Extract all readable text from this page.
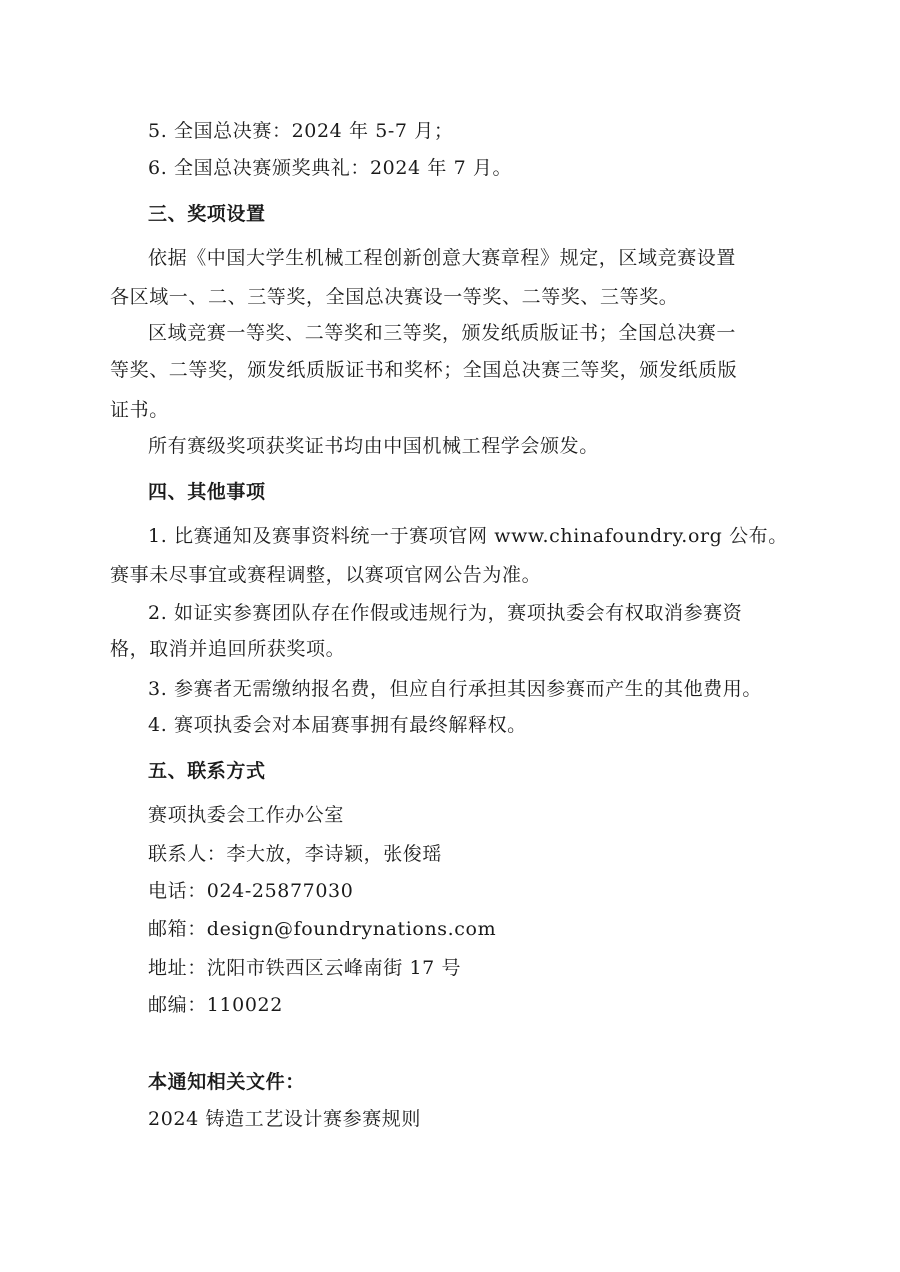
5. 全国总决赛：2024 年 5-7 月；
6. 全国总决赛颁奖典礼：2024 年 7 月。
三、奖项设置
依据《中国大学生机械工程创新创意大赛章程》规定，区域竞赛设置
各区域一、二、三等奖，全国总决赛设一等奖、二等奖、三等奖。
区域竞赛一等奖、二等奖和三等奖，颁发纸质版证书；全国总决赛一
等奖、二等奖，颁发纸质版证书和奖杯；全国总决赛三等奖，颁发纸质版
证书。
所有赛级奖项获奖证书均由中国机械工程学会颁发。
四、其他事项
1. 比赛通知及赛事资料统一于赛项官网 www.chinafoundry.org 公布。
赛事未尽事宜或赛程调整，以赛项官网公告为准。
2. 如证实参赛团队存在作假或违规行为，赛项执委会有权取消参赛资
格，取消并追回所获奖项。
3. 参赛者无需缴纳报名费，但应自行承担其因参赛而产生的其他费用。
4. 赛项执委会对本届赛事拥有最终解释权。
五、联系方式
赛项执委会工作办公室
联系人：李大放，李诗颖，张俊瑶
电话：024-25877030
邮箱：design@foundrynations.com
地址：沈阳市铁西区云峰南街 17 号
邮编：110022
本通知相关文件：
2024 铸造工艺设计赛参赛规则
